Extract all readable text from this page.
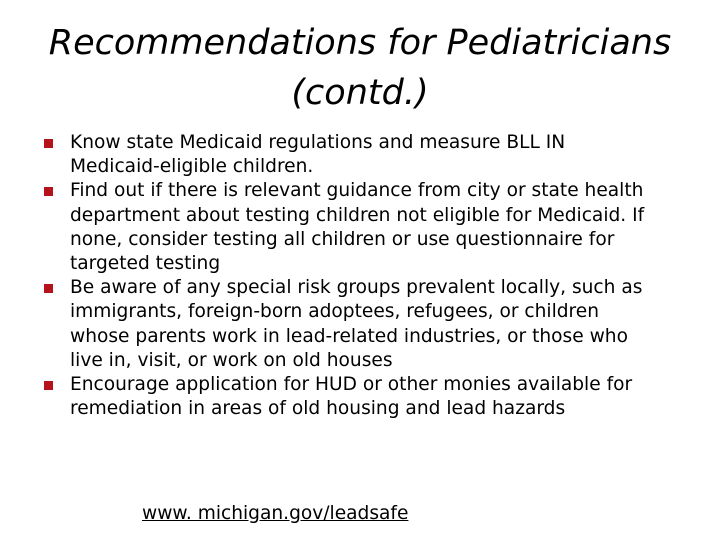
Recommendations for Pediatricians
(contd.)
Know state Medicaid regulations and measure BLL IN
Medicaid-eligible children.
Find out if there is relevant guidance from city or state health
department about testing children not eligible for Medicaid. If
none, consider testing all children or use questionnaire for
targeted testing
Be aware of any special risk groups prevalent locally, such as
immigrants, foreign-born adoptees, refugees, or children
whose parents work in lead-related industries, or those who
live in, visit, or work on old houses
Encourage application for HUD or other monies available for
remediation in areas of old housing and lead hazards
www. michigan.gov/leadsafe
